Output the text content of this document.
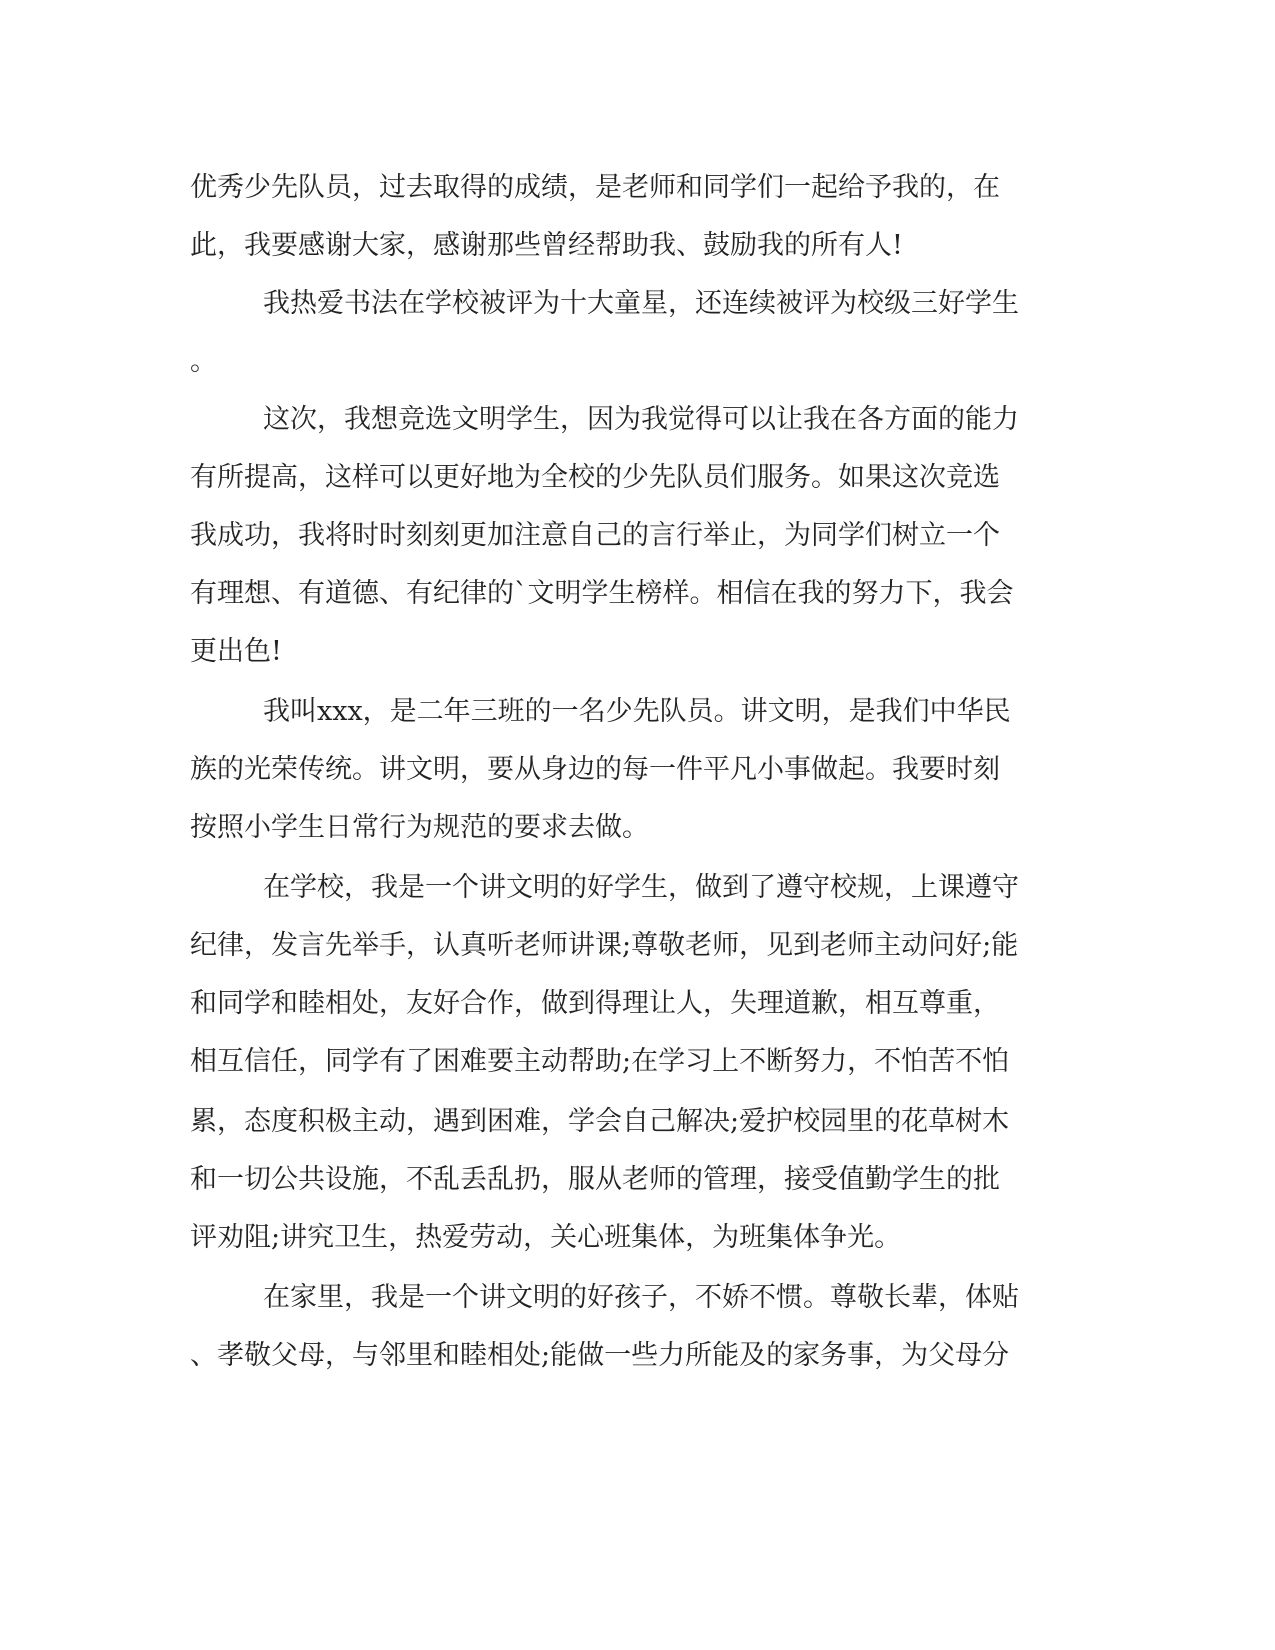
优秀少先队员，过去取得的成绩，是老师和同学们一起给予我的，在
此，我要感谢大家，感谢那些曾经帮助我、鼓励我的所有人!
我热爱书法在学校被评为十大童星，还连续被评为校级三好学生
。
这次，我想竞选文明学生，因为我觉得可以让我在各方面的能力
有所提高，这样可以更好地为全校的少先队员们服务。如果这次竞选
我成功，我将时时刻刻更加注意自己的言行举止，为同学们树立一个
有理想、有道德、有纪律的`文明学生榜样。相信在我的努力下，我会
更出色!
我叫xxx，是二年三班的一名少先队员。讲文明，是我们中华民
族的光荣传统。讲文明，要从身边的每一件平凡小事做起。我要时刻
按照小学生日常行为规范的要求去做。
在学校，我是一个讲文明的好学生，做到了遵守校规，上课遵守
纪律，发言先举手，认真听老师讲课;尊敬老师，见到老师主动问好;能
和同学和睦相处，友好合作，做到得理让人，失理道歉，相互尊重，
相互信任，同学有了困难要主动帮助;在学习上不断努力，不怕苦不怕
累，态度积极主动，遇到困难，学会自己解决;爱护校园里的花草树木
和一切公共设施，不乱丢乱扔，服从老师的管理，接受值勤学生的批
评劝阻;讲究卫生，热爱劳动，关心班集体，为班集体争光。
在家里，我是一个讲文明的好孩子，不娇不惯。尊敬长辈，体贴
、孝敬父母，与邻里和睦相处;能做一些力所能及的家务事，为父母分
